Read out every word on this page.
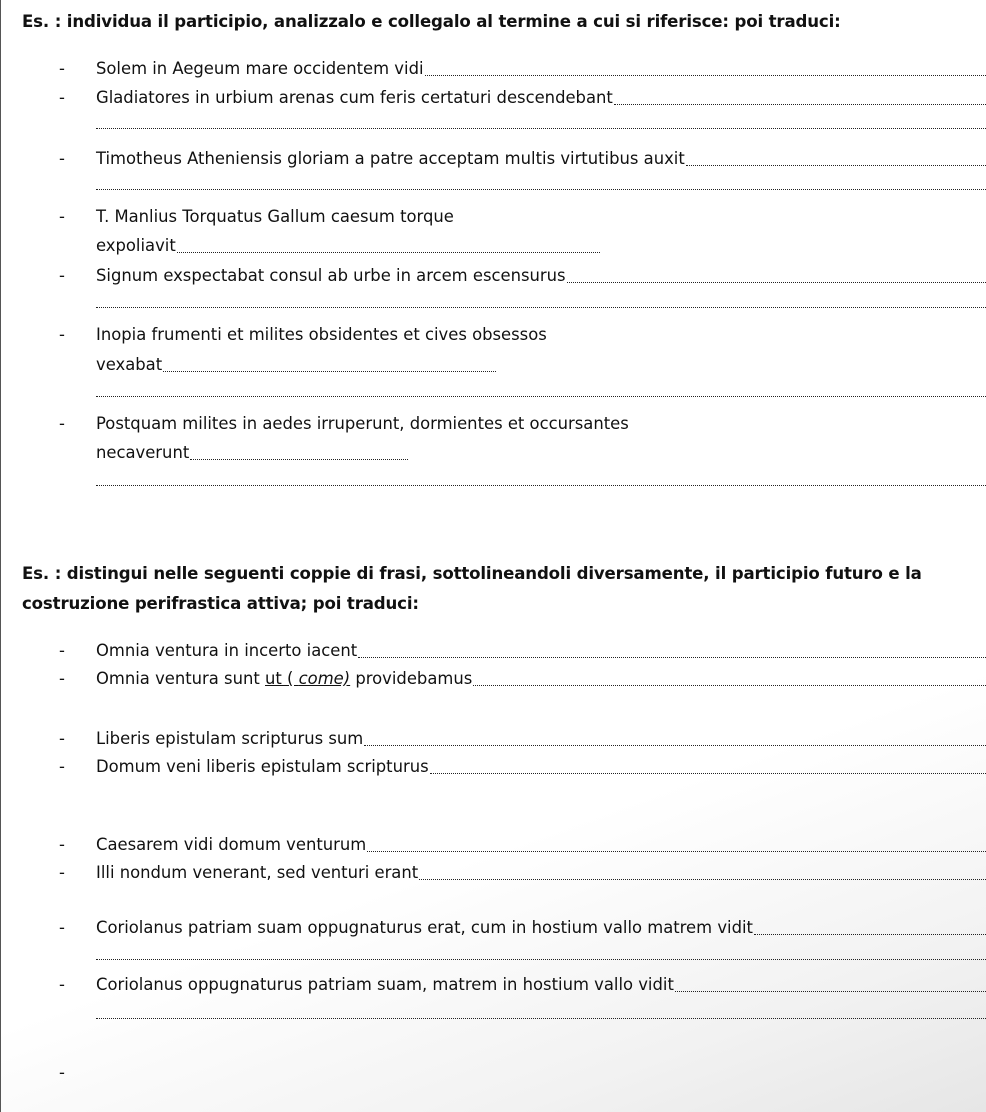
Es. : individua il participio, analizzalo e collegalo al termine a cui si riferisce: poi traduci:
-	Solem in Aegeum mare occidentem vidi
-	Gladiatores in urbium arenas cum feris certaturi descendebant
-	Timotheus Atheniensis gloriam a patre acceptam multis virtutibus auxit
-	T. Manlius Torquatus Gallum caesum torque
expoliavit
-	Signum exspectabat consul ab urbe in arcem escensurus
-	Inopia frumenti et milites obsidentes et cives obsessos
vexabat
-	Postquam milites in aedes irruperunt, dormientes et occursantes
necaverunt
Es. : distingui nelle seguenti coppie di frasi, sottolineandoli diversamente, il participio futuro e la
costruzione perifrastica attiva; poi traduci:
-	Omnia ventura in incerto iacent
-	Omnia ventura sunt
ut ( come) providebamus
-	Liberis epistulam scripturus sum
-	Domum veni liberis epistulam scripturus
-	Caesarem vidi domum venturum
-	Illi nondum venerant, sed venturi erant
-	Coriolanus patriam suam oppugnaturus erat, cum in hostium vallo matrem vidit
-	Coriolanus oppugnaturus patriam suam, matrem in hostium vallo vidit
-
